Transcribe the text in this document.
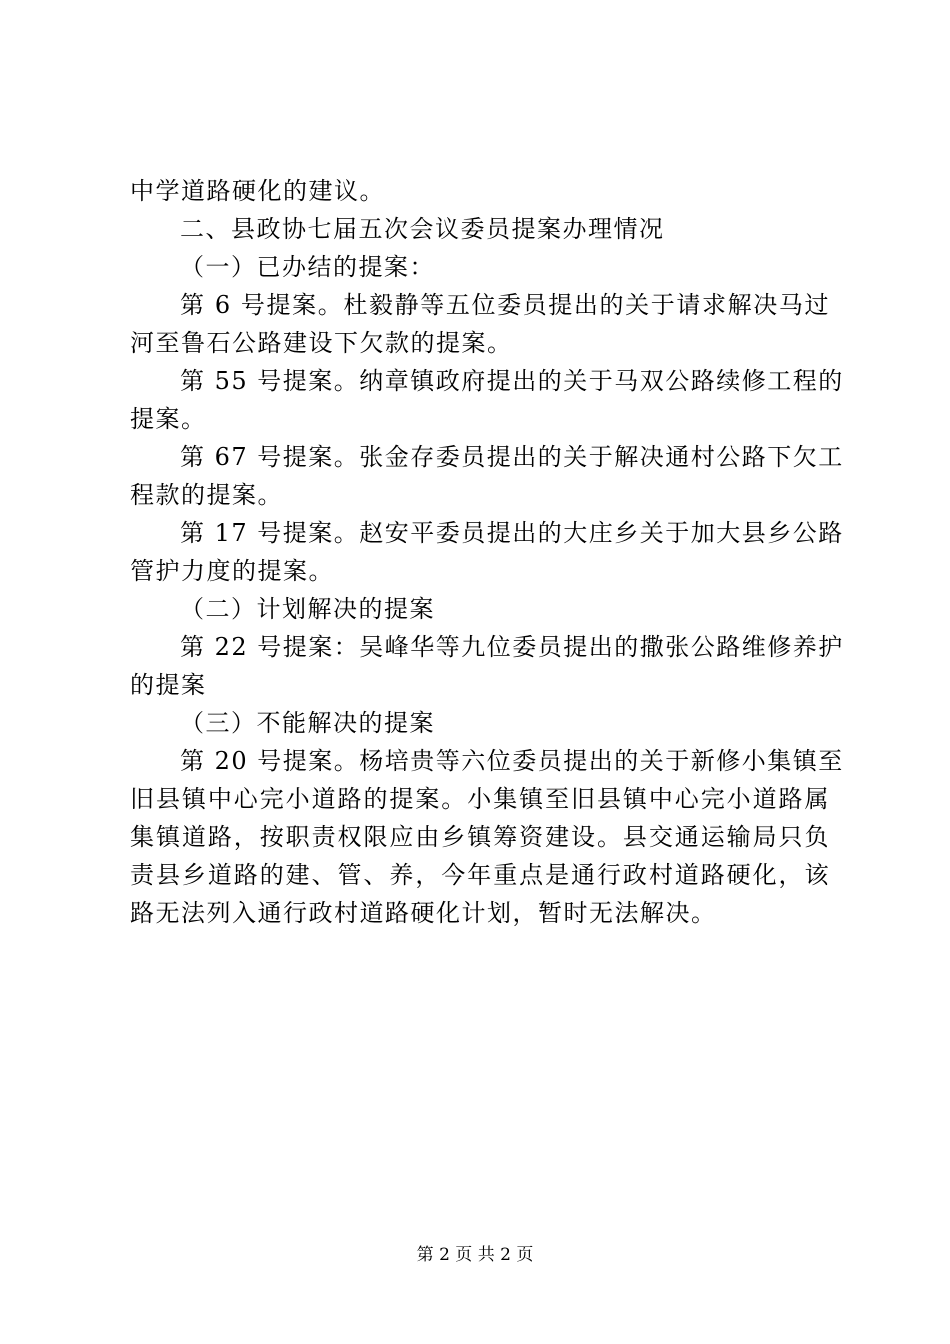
中学道路硬化的建议。
二、县政协七届五次会议委员提案办理情况
（一）已办结的提案：
第 6 号提案。杜毅静等五位委员提出的关于请求解决马过
河至鲁石公路建设下欠款的提案。
第 55 号提案。纳章镇政府提出的关于马双公路续修工程的
提案。
第 67 号提案。张金存委员提出的关于解决通村公路下欠工
程款的提案。
第 17 号提案。赵安平委员提出的大庄乡关于加大县乡公路
管护力度的提案。
（二）计划解决的提案
第 22 号提案：吴峰华等九位委员提出的撒张公路维修养护
的提案
（三）不能解决的提案
第 20 号提案。杨培贵等六位委员提出的关于新修小集镇至
旧县镇中心完小道路的提案。小集镇至旧县镇中心完小道路属
集镇道路，按职责权限应由乡镇筹资建设。县交通运输局只负
责县乡道路的建、管、养，今年重点是通行政村道路硬化，该
路无法列入通行政村道路硬化计划，暂时无法解决。
第 2 页 共 2 页
